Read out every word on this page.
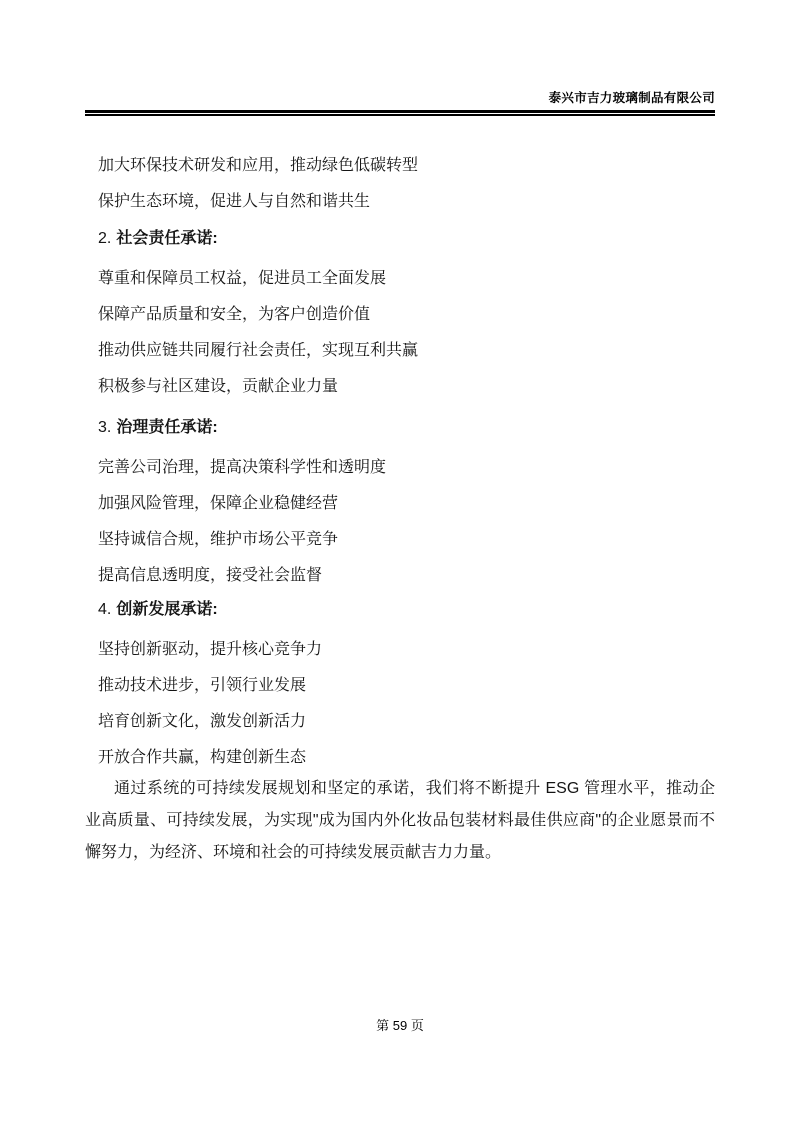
泰兴市吉力玻璃制品有限公司

加大环保技术研发和应用，推动绿色低碳转型

保护生态环境，促进人与自然和谐共生

2. 社会责任承诺:

尊重和保障员工权益，促进员工全面发展

保障产品质量和安全，为客户创造价值

推动供应链共同履行社会责任，实现互利共赢

积极参与社区建设，贡献企业力量

3. 治理责任承诺:

完善公司治理，提高决策科学性和透明度

加强风险管理，保障企业稳健经营

坚持诚信合规，维护市场公平竞争

提高信息透明度，接受社会监督

4. 创新发展承诺:

坚持创新驱动，提升核心竞争力

推动技术进步，引领行业发展

培育创新文化，激发创新活力

开放合作共赢，构建创新生态

通过系统的可持续发展规划和坚定的承诺，我们将不断提升 ESG 管理水平，推动企业高质量、可持续发展，为实现"成为国内外化妆品包装材料最佳供应商"的企业愿景而不懈努力，为经济、环境和社会的可持续发展贡献吉力力量。

第 59 页
